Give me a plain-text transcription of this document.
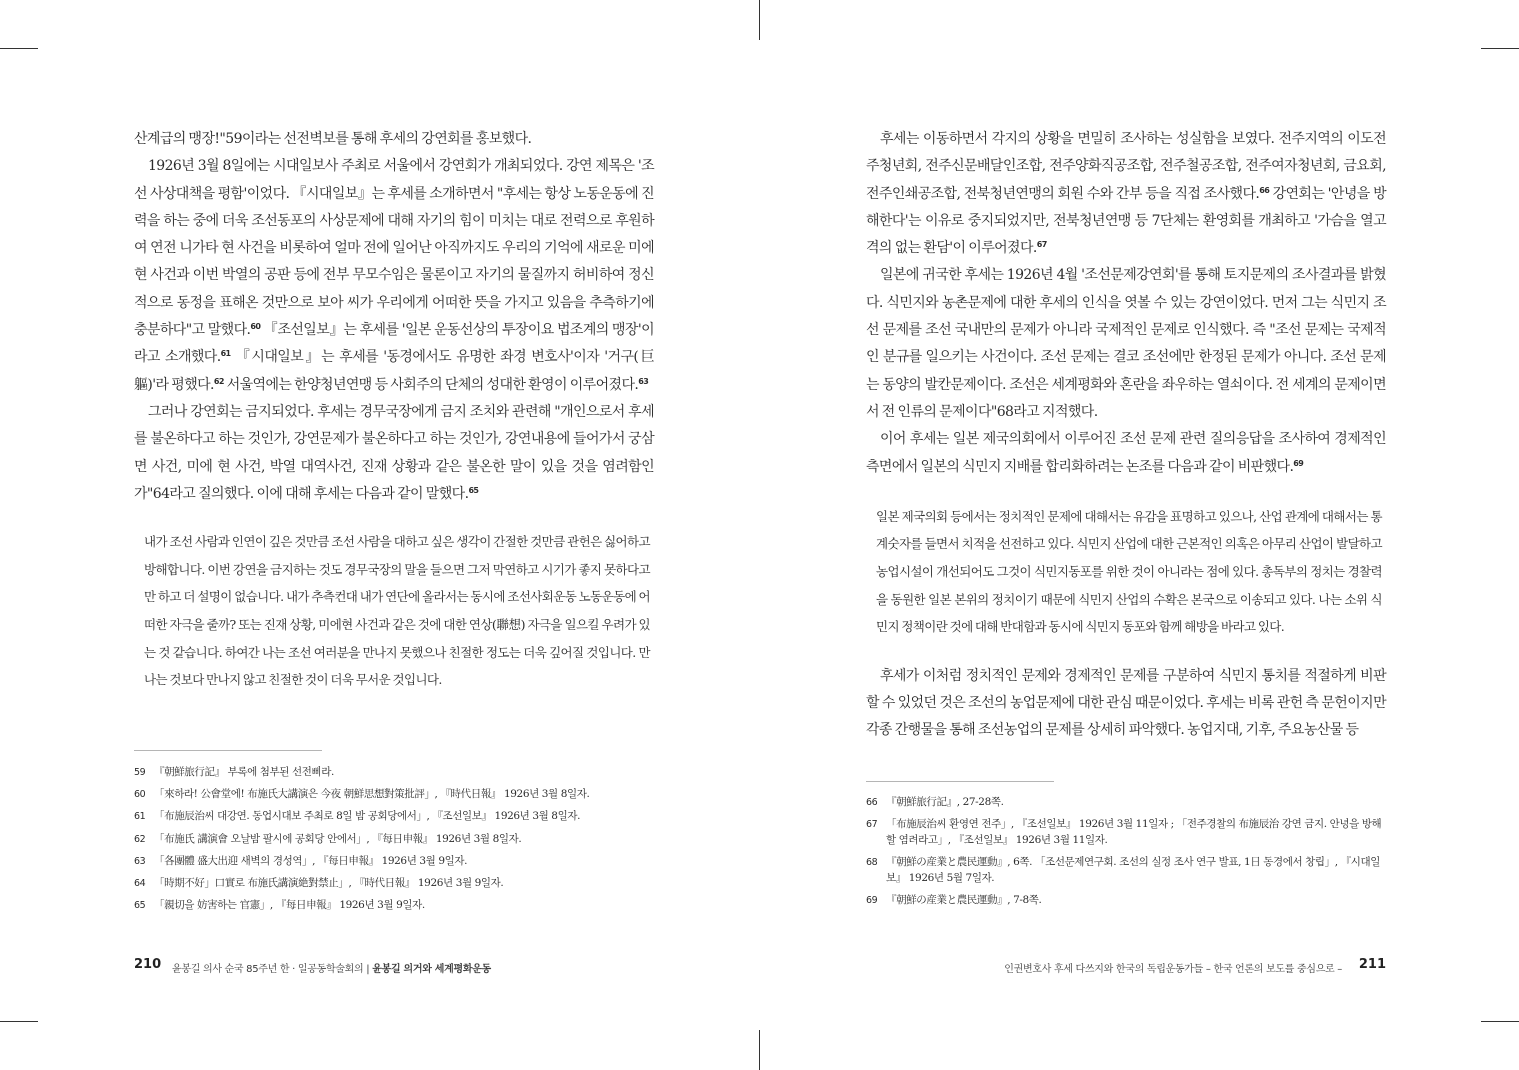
산계급의 맹장!"59이라는 선전벽보를 통해 후세의 강연회를 홍보했다.

1926년 3월 8일에는 시대일보사 주최로 서울에서 강연회가 개최되었다. 강연 제목은 '조선 사상대책을 평함'이었다. 『시대일보』는 후세를 소개하면서 "후세는 항상 노동운동에 진력을 하는 중에 더욱 조선동포의 사상문제에 대해 자기의 힘이 미치는 대로 전력으로 후원하여 연전 니가타 현 사건을 비롯하여 얼마 전에 일어난 아직까지도 우리의 기억에 새로운 미에 현 사건과 이번 박열의 공판 등에 전부 무모수임은 물론이고 자기의 물질까지 허비하여 정신적으로 동정을 표해온 것만으로 보아 씨가 우리에게 어떠한 뜻을 가지고 있음을 추측하기에 충분하다"고 말했다.$^{60}$ 『조선일보』는 후세를 '일본 운동선상의 투장이요 법조계의 맹장'이라고 소개했다.$^{61}$ 『시대일보』는 후세를 '동경에서도 유명한 좌경 변호사'이자 '거구(巨軀)'라 평했다.$^{62}$ 서울역에는 한양청년연맹 등 사회주의 단체의 성대한 환영이 이루어졌다.$^{63}$

그러나 강연회는 금지되었다. 후세는 경무국장에게 금지 조치와 관련해 "개인으로서 후세를 불온하다고 하는 것인가, 강연문제가 불온하다고 하는 것인가, 강연내용에 들어가서 궁삼면 사건, 미에 현 사건, 박열 대역사건, 진재 상황과 같은 불온한 말이 있을 것을 염려함인가"64라고 질의했다. 이에 대해 후세는 다음과 같이 말했다.$^{65}$

내가 조선 사람과 인연이 깊은 것만큼 조선 사람을 대하고 싶은 생각이 간절한 것만큼 관헌은 싫어하고 방해합니다. 이번 강연을 금지하는 것도 경무국장의 말을 들으면 그저 막연하고 시기가 좋지 못하다고만 하고 더 설명이 없습니다. 내가 추측컨대 내가 연단에 올라서는 동시에 조선사회운동 노동운동에 어떠한 자극을 줄까? 또는 진재 상황, 미에현 사건과 같은 것에 대한 연상(聯想) 자극을 일으킬 우려가 있는 것 같습니다. 하여간 나는 조선 여러분을 만나지 못했으나 친절한 정도는 더욱 깊어질 것입니다. 만나는 것보다 만나지 않고 친절한 것이 더욱 무서운 것입니다.

59 『朝鮮旅行記』 부록에 첨부된 선전삐라.

60 「來하라! 公會堂에! 布施氏大講演은 今夜 朝鮮思想對策批評」, 『時代日報』 1926년 3월 8일자.

61 「布施辰治씨 대강연. 동업시대보 주최로 8일 밤 공회당에서」, 『조선일보』 1926년 3월 8일자.

62 「布施氏 講演會 오날밤 팔시에 공회당 안에서」, 『每日申報』 1926년 3월 8일자.

63 「各團體 盛大出迎 새벽의 경성역」, 『每日申報』 1926년 3월 9일자.

64 「時期不好」口實로 布施氏講演絶對禁止」, 『時代日報』 1926년 3월 9일자.

65 「親切을 妨害하는 官憲」, 『每日申報』 1926년 3월 9일자.

210 윤봉길 의사 순국 85주년 한 · 일공동학술회의 | 윤봉길 의거와 세계평화운동

후세는 이동하면서 각지의 상황을 면밀히 조사하는 성실함을 보였다. 전주지역의 이도전주청년회, 전주신문배달인조합, 전주양화직공조합, 전주철공조합, 전주여자청년회, 금요회, 전주인쇄공조합, 전북청년연맹의 회원 수와 간부 등을 직접 조사했다.$^{66}$ 강연회는 '안녕을 방해한다'는 이유로 중지되었지만, 전북청년연맹 등 7단체는 환영회를 개최하고 '가슴을 열고 격의 없는 환담'이 이루어졌다.$^{67}$

일본에 귀국한 후세는 1926년 4월 '조선문제강연회'를 통해 토지문제의 조사결과를 밝혔다. 식민지와 농촌문제에 대한 후세의 인식을 엿볼 수 있는 강연이었다. 먼저 그는 식민지 조선 문제를 조선 국내만의 문제가 아니라 국제적인 문제로 인식했다. 즉 "조선 문제는 국제적인 분규를 일으키는 사건이다. 조선 문제는 결코 조선에만 한정된 문제가 아니다. 조선 문제는 동양의 발칸문제이다. 조선은 세계평화와 혼란을 좌우하는 열쇠이다. 전 세계의 문제이면서 전 인류의 문제이다"68라고 지적했다.

이어 후세는 일본 제국의회에서 이루어진 조선 문제 관련 질의응답을 조사하여 경제적인 측면에서 일본의 식민지 지배를 합리화하려는 논조를 다음과 같이 비판했다.$^{69}$

일본 제국의회 등에서는 정치적인 문제에 대해서는 유감을 표명하고 있으나, 산업 관계에 대해서는 통계숫자를 들면서 치적을 선전하고 있다. 식민지 산업에 대한 근본적인 의혹은 아무리 산업이 발달하고 농업시설이 개선되어도 그것이 식민지동포를 위한 것이 아니라는 점에 있다. 총독부의 정치는 경찰력을 동원한 일본 본위의 정치이기 때문에 식민지 산업의 수확은 본국으로 이송되고 있다. 나는 소위 식민지 정책이란 것에 대해 반대함과 동시에 식민지 동포와 함께 해방을 바라고 있다.

후세가 이처럼 정치적인 문제와 경제적인 문제를 구분하여 식민지 통치를 적절하게 비판할 수 있었던 것은 조선의 농업문제에 대한 관심 때문이었다. 후세는 비록 관헌 측 문헌이지만 각종 간행물을 통해 조선농업의 문제를 상세히 파악했다. 농업지대, 기후, 주요농산물 등

66 『朝鮮旅行記』, 27-28쪽.

67 「布施辰治씨 환영연 전주」, 『조선일보』 1926년 3월 11일자 ; 「전주경찰의 布施辰治 강연 금지. 안녕을 방해할 염려라고」, 『조선일보』 1926년 3월 11일자.

68 『朝鮮の産業と農民運動』, 6쪽. 「조선문제연구회. 조선의 실정 조사 연구 발표, 1日 동경에서 창립」, 『시대일보』 1926년 5월 7일자.

69 『朝鮮の産業と農民運動』, 7-8쪽.

인권변호사 후세 다쓰지와 한국의 독립운동가들 – 한국 언론의 보도를 중심으로 – 211
